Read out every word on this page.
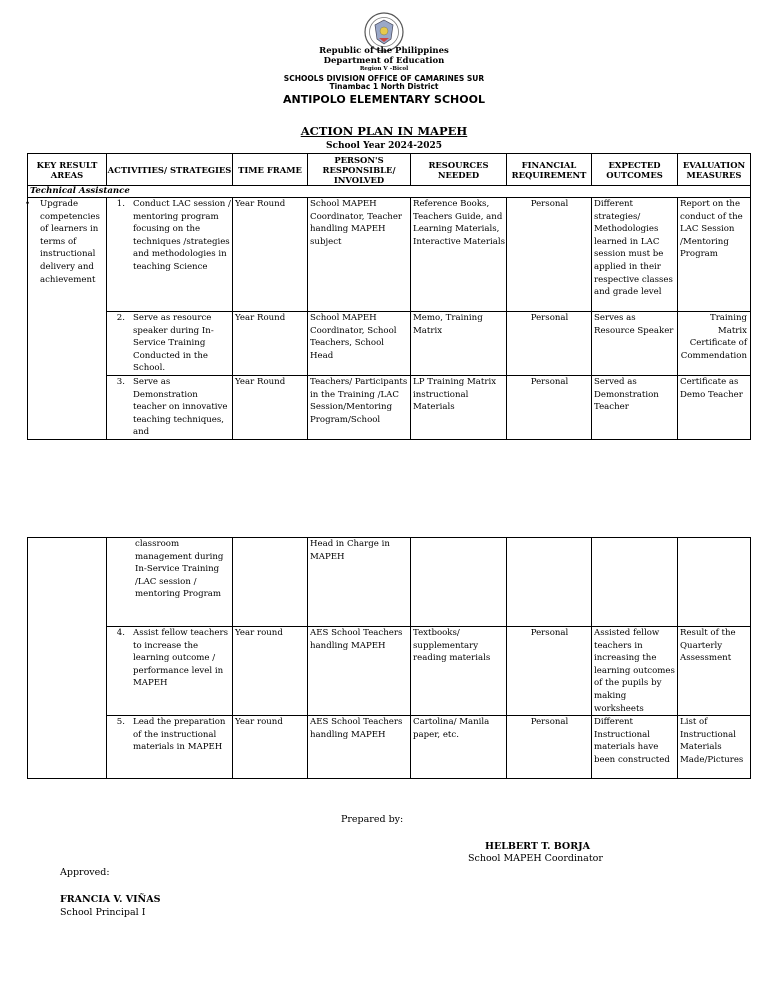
Republic of the Philippines
Department of Education
Region V –Bicol
SCHOOLS DIVISION OFFICE OF CAMARINES SUR
Tinambac 1 North District
ANTIPOLO ELEMENTARY SCHOOL
ACTION PLAN IN MAPEH
School Year 2024-2025
KEY RESULT AREAS	ACTIVITIES/ STRATEGIES	TIME FRAME	PERSON'S RESPONSIBLE/ INVOLVED	RESOURCES NEEDED	FINANCIAL REQUIREMENT	EXPECTED OUTCOMES	EVALUATION MEASURES
Technical Assistance							

• Upgrade competencies of learners in terms of instructional delivery and achievement	1. Conduct LAC session / mentoring program focusing on the techniques /strategies and methodologies in teaching Science	Year Round	School MAPEH Coordinator, Teacher handling MAPEH subject	Reference Books, Teachers Guide, and Learning Materials, Interactive Materials	Personal	Different strategies/ Methodologies learned in LAC session must be applied in their respective classes and grade level	Report on the conduct of the LAC Session /Mentoring Program

	2. Serve as resource speaker during In-Service Training Conducted in the School.	Year Round	School MAPEH Coordinator, School Teachers, School Head	Memo, Training Matrix	Personal	Serves as Resource Speaker	Training Matrix Certificate of Commendation

	3. Serve as Demonstration teacher on innovative teaching techniques, and	Year Round	Teachers/ Participants in the Training /LAC Session/Mentoring Program/School	LP Training Matrix instructional Materials	Personal	Served as Demonstration Teacher	Certificate as Demo Teacher

	classroom management during In-Service Training /LAC session / mentoring Program		Head in Charge in MAPEH				

	4. Assist fellow teachers to increase the learning outcome / performance level in MAPEH	Year round	AES School Teachers handling MAPEH	Textbooks/ supplementary reading materials	Personal	Assisted fellow teachers in increasing the learning outcomes of the pupils by making worksheets	Result of the Quarterly Assessment

	5. Lead the preparation of the instructional materials in MAPEH	Year round	AES School Teachers handling MAPEH	Cartolina/ Manila paper, etc.	Personal	Different Instructional materials have been constructed	List of Instructional Materials Made/Pictures
Prepared by:
HELBERT T. BORJA
School MAPEH Coordinator
Approved:
FRANCIA V. VIÑAS
School Principal I
